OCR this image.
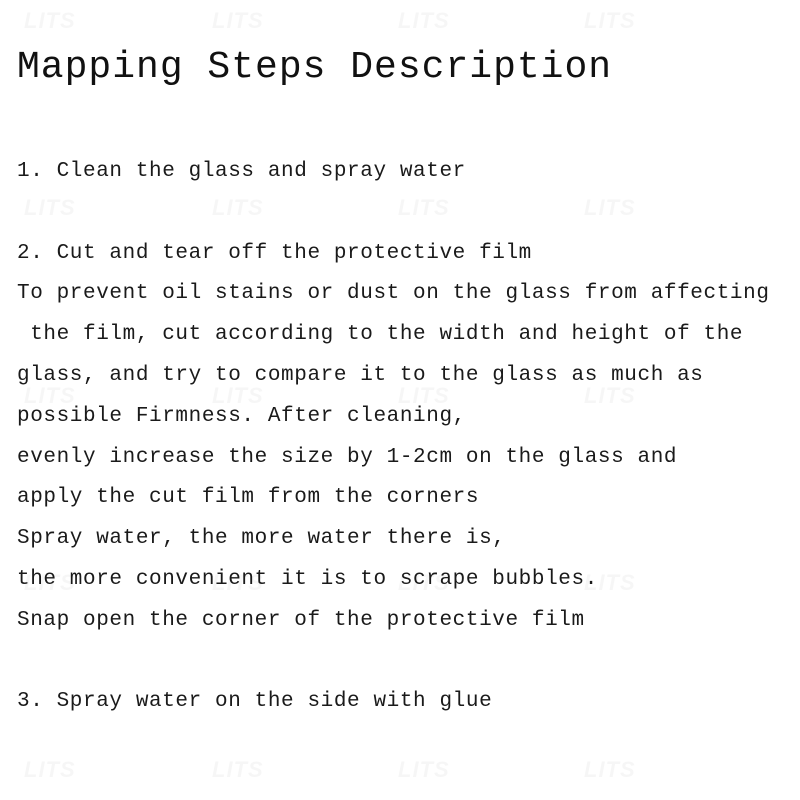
Mapping Steps Description
1. Clean the glass and spray water
2. Cut and tear off the protective film
To prevent oil stains or dust on the glass from affecting
the film, cut according to the width and height of the
glass, and try to compare it to the glass as much as
possible Firmness. After cleaning,
evenly increase the size by 1-2cm on the glass and
apply the cut film from the corners
Spray water, the more water there is,
the more convenient it is to scrape bubbles.
Snap open the corner of the protective film
3. Spray water on the side with glue
